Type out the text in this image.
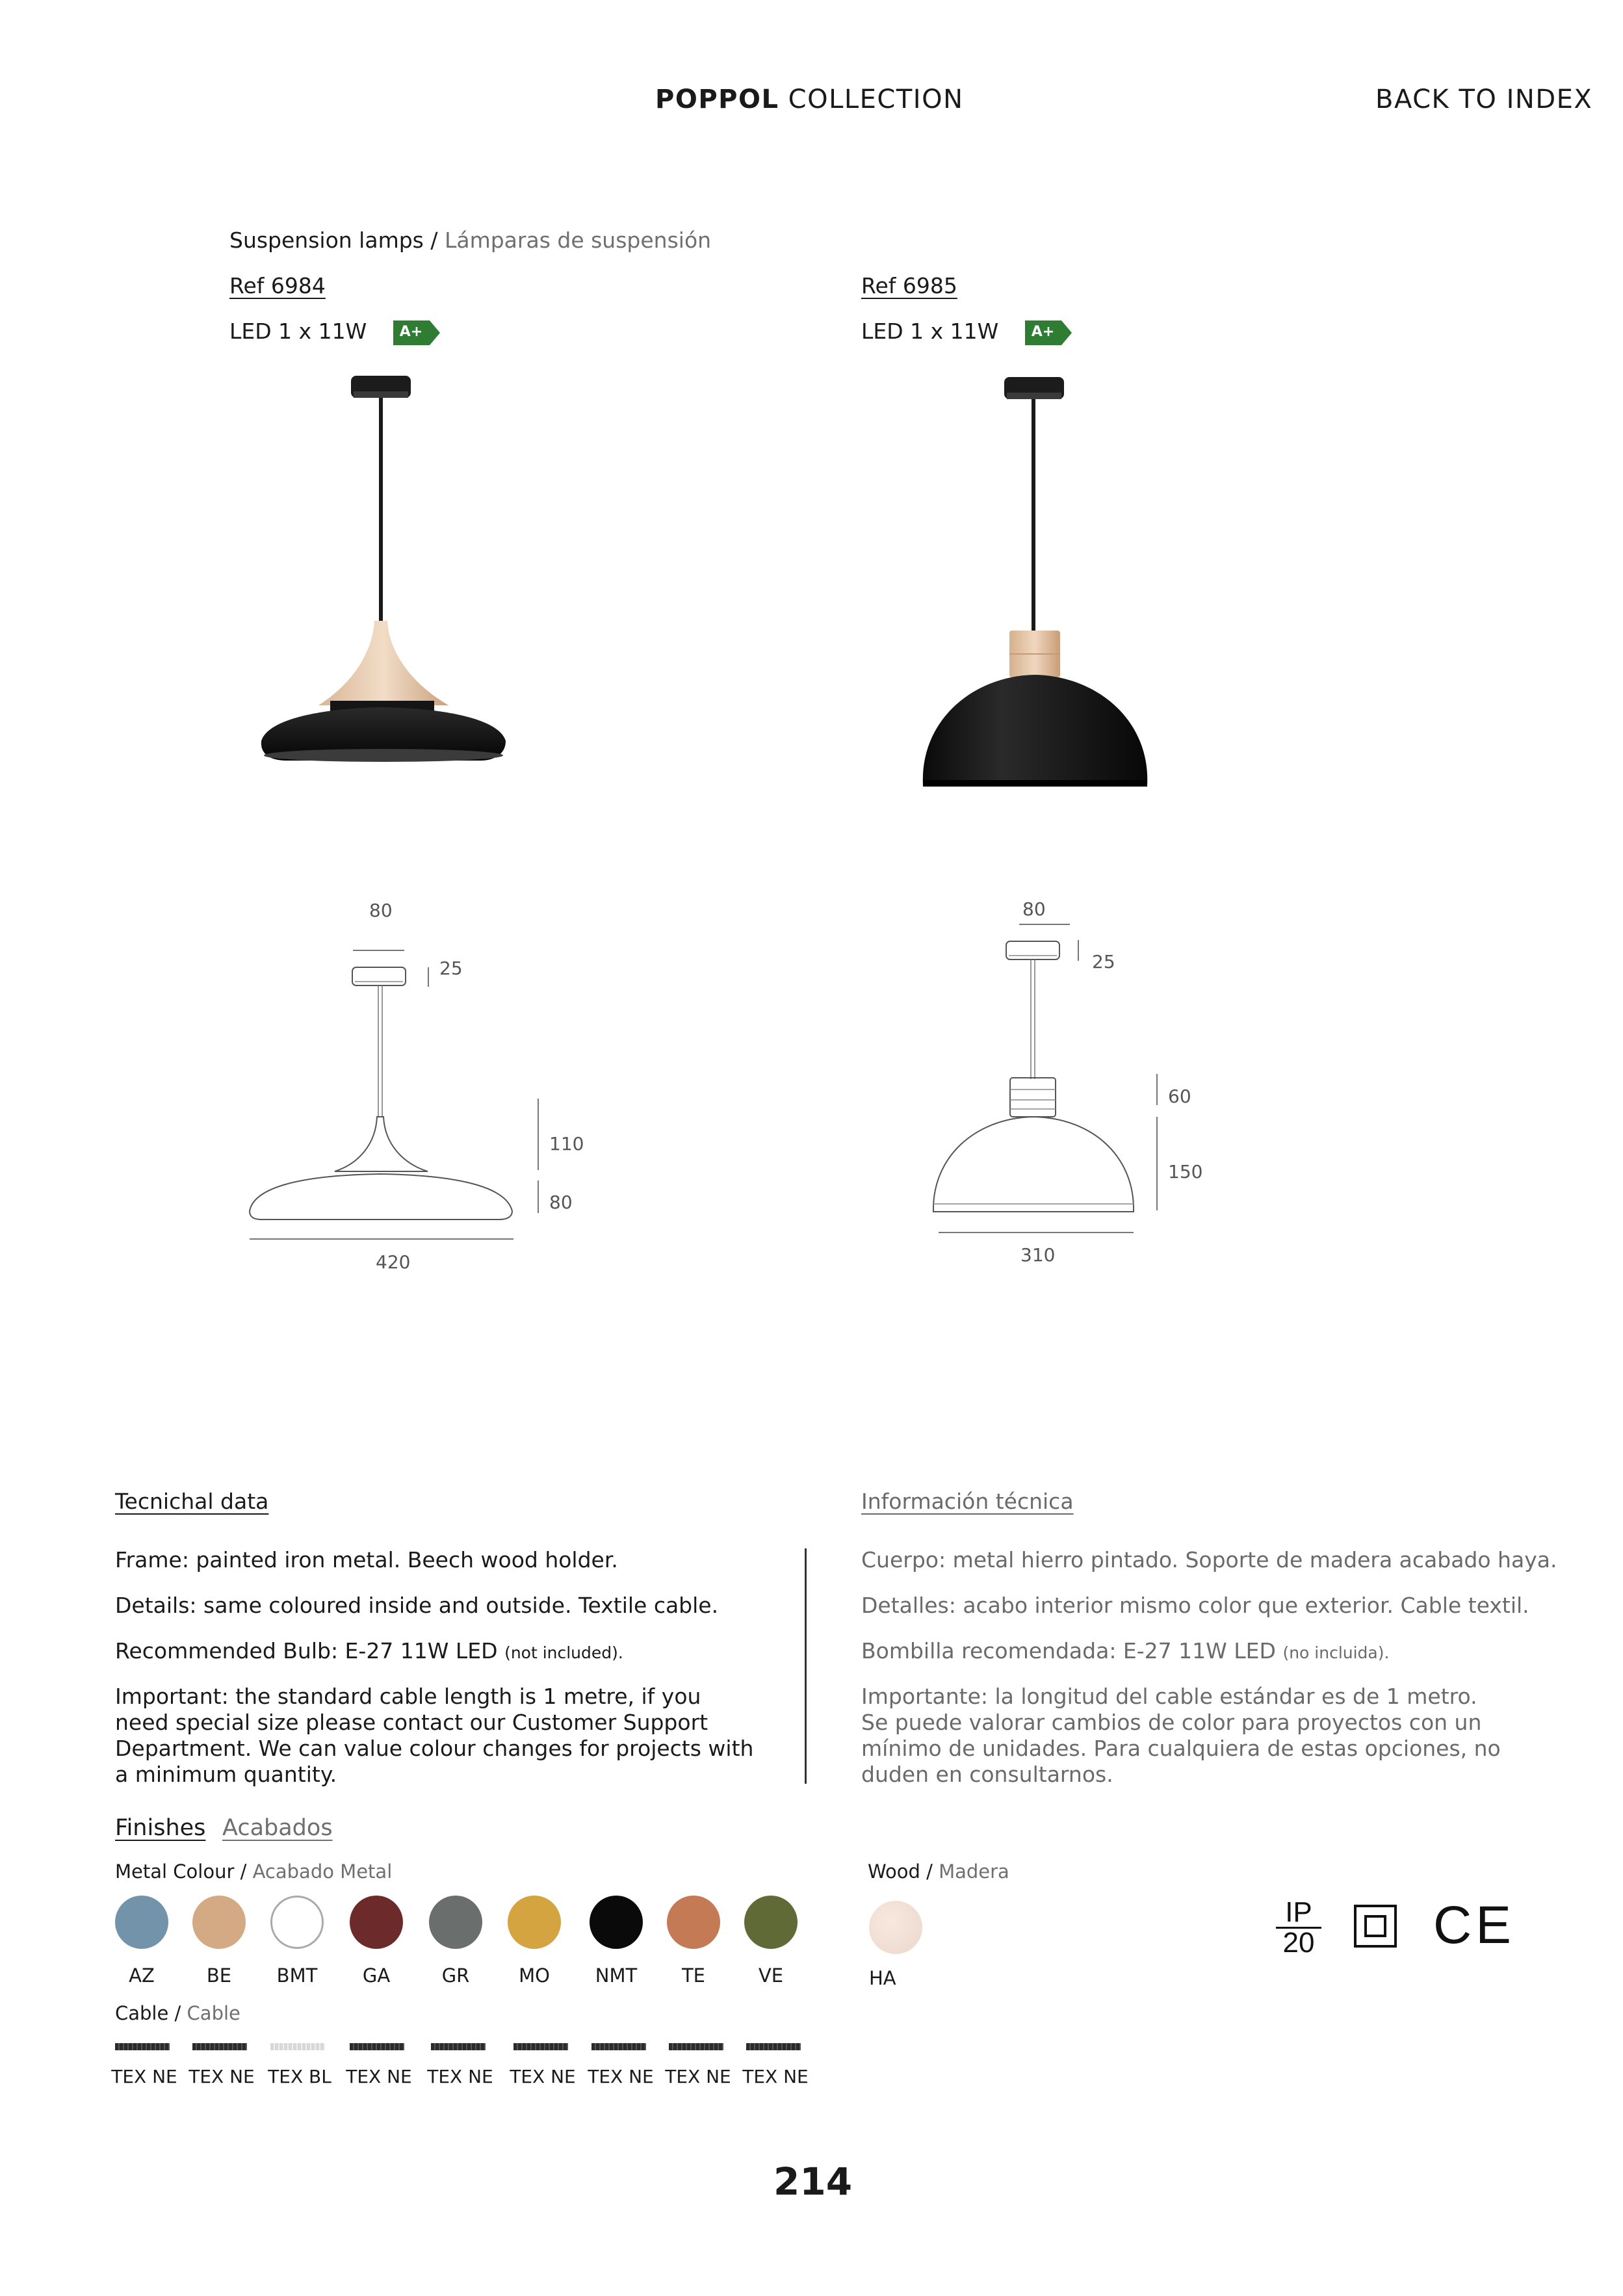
POPPOL COLLECTION	BACK TO INDEX
Suspension lamps / Lámparas de suspensión
Ref 6984
LED 1 x 11W A+
Ref 6985
LED 1 x 11W A+
80
25
110
80
420
80
25
60
150
310
Tecnichal data
Frame: painted iron metal. Beech wood holder.
Details: same coloured inside and outside. Textile cable.
Recommended Bulb: E-27 11W LED (not included).
Important: the standard cable length is 1 metre, if you
need special size please contact our Customer Support
Department. We can value colour changes for projects with
a minimum quantity.
Información técnica
Cuerpo: metal hierro pintado. Soporte de madera acabado haya.
Detalles: acabo interior mismo color que exterior. Cable textil.
Bombilla recomendada: E-27 11W LED (no incluida).
Importante: la longitud del cable estándar es de 1 metro.
Se puede valorar cambios de color para proyectos con un
mínimo de unidades. Para cualquiera de estas opciones, no
duden en consultarnos.
Finishes Acabados
Metal Colour / Acabado Metal
AZ	BE	BMT	GA	GR	MO	NMT	TE	VE
Wood / Madera
HA
Cable / Cable
TEX NE TEX NE TEX BL TEX NE TEX NE TEX NE TEX NE TEX NE TEX NE
IP
20 CE
214
